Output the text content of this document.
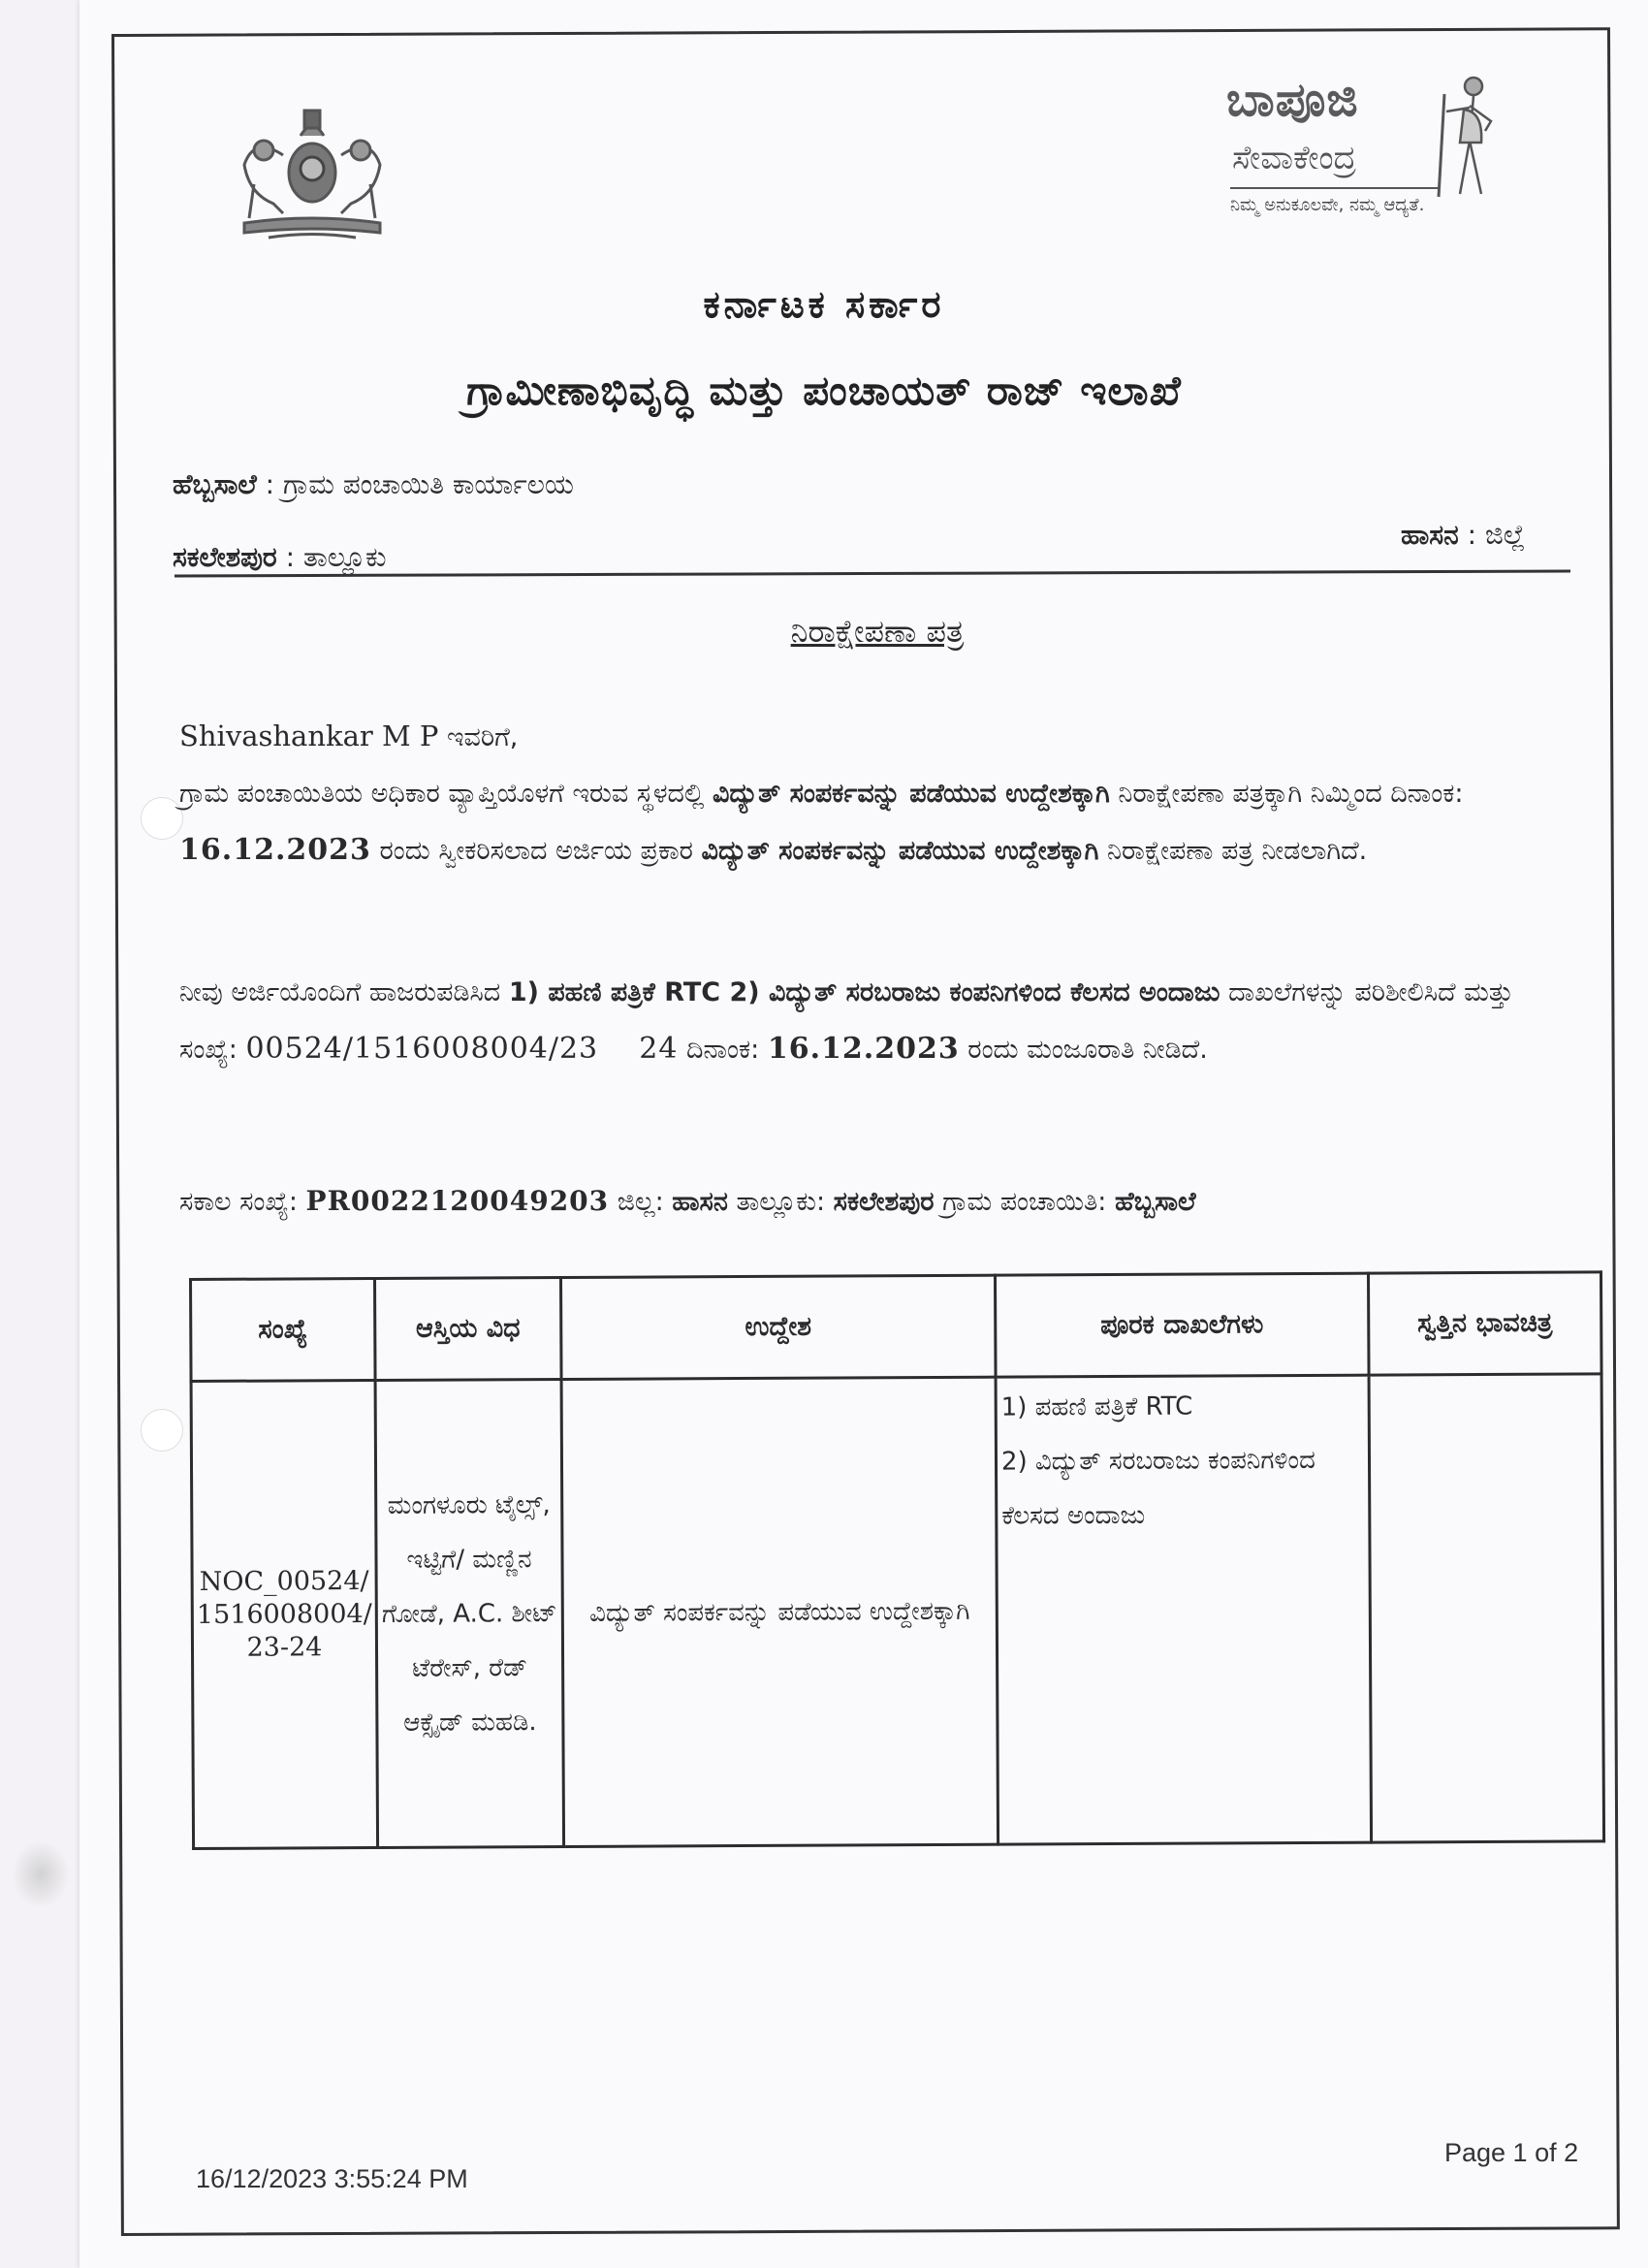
ಬಾಪೂಜಿ
ಸೇವಾಕೇಂದ್ರ
ನಿಮ್ಮ ಅನುಕೂಲವೇ, ನಮ್ಮ ಆದ್ಯತೆ.
ಕರ್ನಾಟಕ ಸರ್ಕಾರ
ಗ್ರಾಮೀಣಾಭಿವೃದ್ಧಿ ಮತ್ತು ಪಂಚಾಯತ್ ರಾಜ್ ಇಲಾಖೆ
ಹೆಬ್ಬಸಾಲೆ : ಗ್ರಾಮ ಪಂಚಾಯಿತಿ ಕಾರ್ಯಾಲಯ
ಸಕಲೇಶಪುರ : ತಾಲ್ಲೂಕು
ಹಾಸನ : ಜಿಲ್ಲೆ
ನಿರಾಕ್ಷೇಪಣಾ ಪತ್ರ
Shivashankar M P ಇವರಿಗೆ,
ಗ್ರಾಮ ಪಂಚಾಯಿತಿಯ ಅಧಿಕಾರ ವ್ಯಾಪ್ತಿಯೊಳಗೆ ಇರುವ ಸ್ಥಳದಲ್ಲಿ ವಿದ್ಯುತ್ ಸಂಪರ್ಕವನ್ನು ಪಡೆಯುವ ಉದ್ದೇಶಕ್ಕಾಗಿ ನಿರಾಕ್ಷೇಪಣಾ ಪತ್ರಕ್ಕಾಗಿ ನಿಮ್ಮಿಂದ ದಿನಾಂಕ: 16.12.2023 ರಂದು ಸ್ವೀಕರಿಸಲಾದ ಅರ್ಜಿಯ ಪ್ರಕಾರ ವಿದ್ಯುತ್ ಸಂಪರ್ಕವನ್ನು ಪಡೆಯುವ ಉದ್ದೇಶಕ್ಕಾಗಿ ನಿರಾಕ್ಷೇಪಣಾ ಪತ್ರ ನೀಡಲಾಗಿದೆ.
ನೀವು ಅರ್ಜಿಯೊಂದಿಗೆ ಹಾಜರುಪಡಿಸಿದ 1) ಪಹಣಿ ಪತ್ರಿಕೆ RTC 2) ವಿದ್ಯುತ್ ಸರಬರಾಜು ಕಂಪನಿಗಳಿಂದ ಕೆಲಸದ ಅಂದಾಜು ದಾಖಲೆಗಳನ್ನು ಪರಿಶೀಲಿಸಿದೆ ಮತ್ತು ಸಂಖ್ಯೆ: 00524/1516008004/23    24 ದಿನಾಂಕ: 16.12.2023 ರಂದು ಮಂಜೂರಾತಿ ನೀಡಿದೆ.
ಸಕಾಲ ಸಂಖ್ಯೆ: PR0022120049203 ಜಿಲ್ಲ: ಹಾಸನ ತಾಲ್ಲೂಕು: ಸಕಲೇಶಪುರ ಗ್ರಾಮ ಪಂಚಾಯಿತಿ: ಹೆಬ್ಬಸಾಲೆ
ಸಂಖ್ಯೆ	ಆಸ್ತಿಯ ವಿಧ	ಉದ್ದೇಶ	ಪೂರಕ ದಾಖಲೆಗಳು	ಸ್ವತ್ತಿನ ಭಾವಚಿತ್ರ
NOC_00524/1516008004/23-24	ಮಂಗಳೂರು ಟೈಲ್ಸ್, ಇಟ್ಟಿಗೆ/ ಮಣ್ಣಿನ ಗೋಡೆ, A.C. ಶೀಟ್ ಟೆರೇಸ್, ರೆಡ್ ಆಕ್ಸೈಡ್ ಮಹಡಿ.	ವಿದ್ಯುತ್ ಸಂಪರ್ಕವನ್ನು ಪಡೆಯುವ ಉದ್ದೇಶಕ್ಕಾಗಿ	1) ಪಹಣಿ ಪತ್ರಿಕೆ RTC
2) ವಿದ್ಯುತ್ ಸರಬರಾಜು ಕಂಪನಿಗಳಿಂದ ಕೆಲಸದ ಅಂದಾಜು	

16/12/2023 3:55:24 PM
Page 1 of 2
